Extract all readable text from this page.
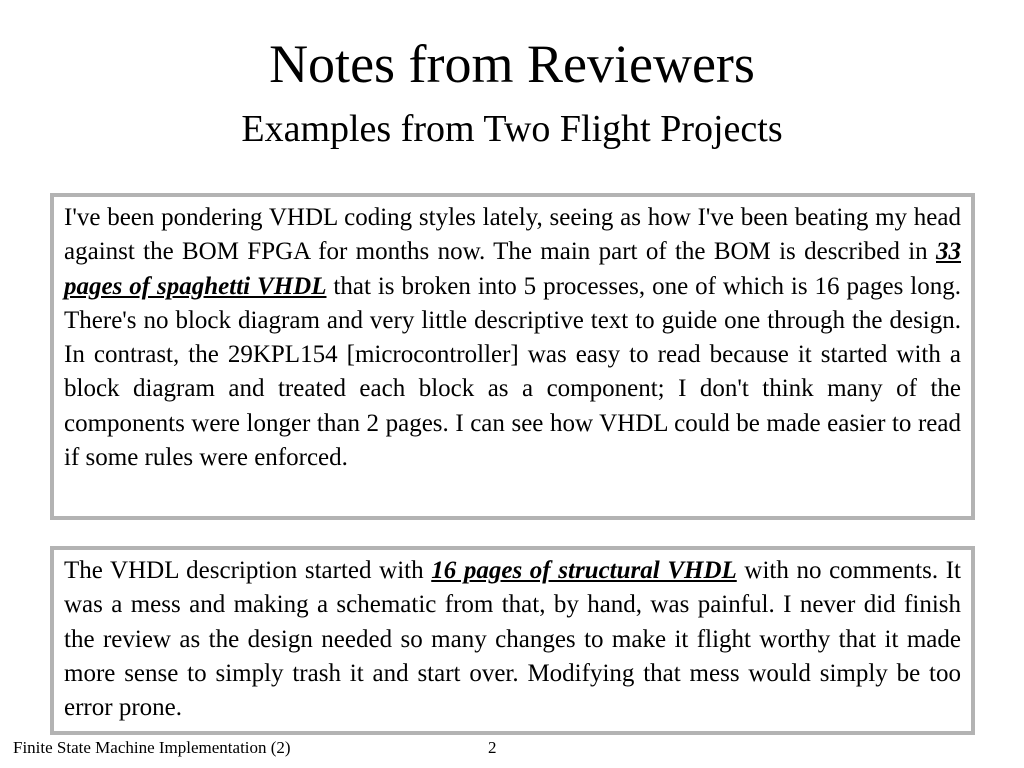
Notes from Reviewers
Examples from Two Flight Projects
I've been pondering VHDL coding styles lately, seeing as how I've been beating my head against the BOM FPGA for months now. The main part of the BOM is described in 33 pages of spaghetti VHDL that is broken into 5 processes, one of which is 16 pages long. There's no block diagram and very little descriptive text to guide one through the design. In contrast, the 29KPL154 [microcontroller] was easy to read because it started with a block diagram and treated each block as a component; I don't think many of the components were longer than 2 pages. I can see how VHDL could be made easier to read if some rules were enforced.
The VHDL description started with 16 pages of structural VHDL with no comments. It was a mess and making a schematic from that, by hand, was painful. I never did finish the review as the design needed so many changes to make it flight worthy that it made more sense to simply trash it and start over. Modifying that mess would simply be too error prone.
Finite State Machine Implementation (2)	2
